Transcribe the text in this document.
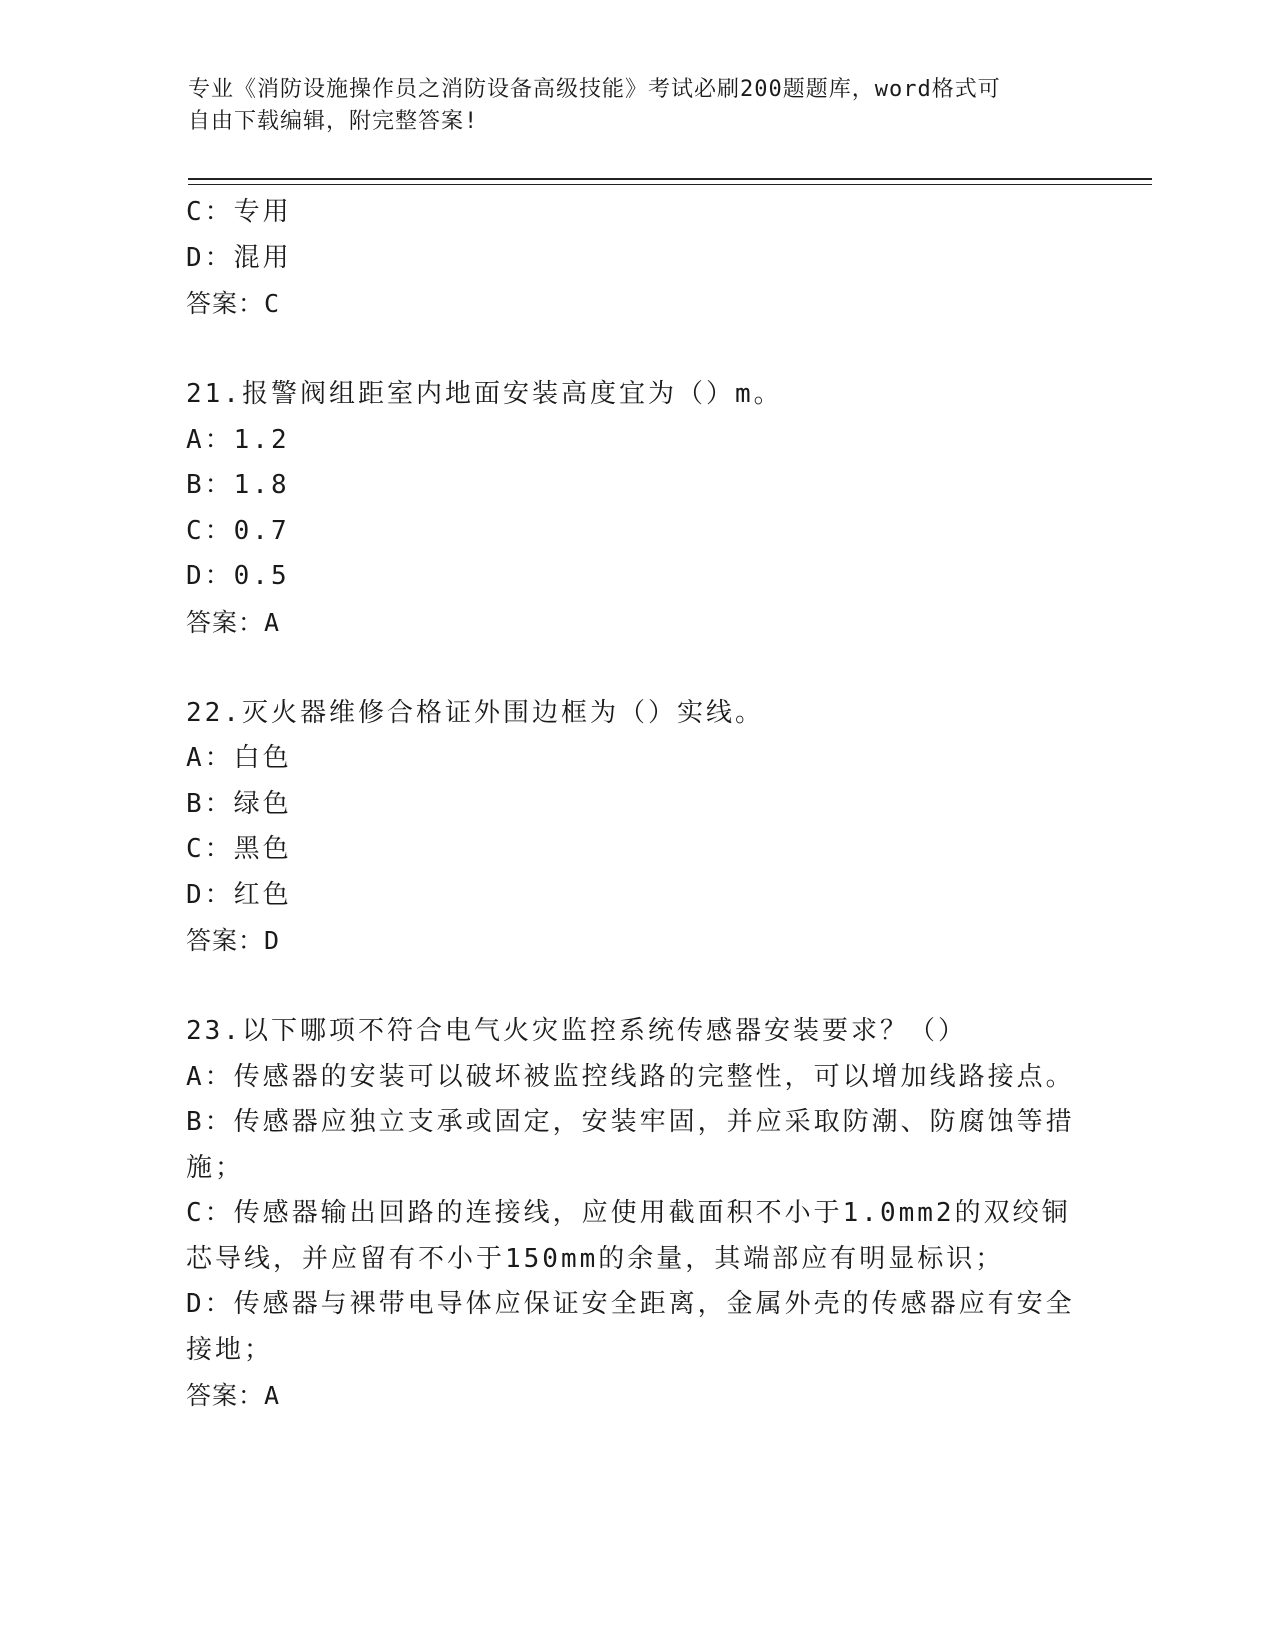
专业《消防设施操作员之消防设备高级技能》考试必刷200题题库，word格式可
自由下载编辑，附完整答案!
C：专用
D：混用
答案：C
21.报警阀组距室内地面安装高度宜为（）m。
A：1.2
B：1.8
C：0.7
D：0.5
答案：A
22.灭火器维修合格证外围边框为（）实线。
A：白色
B：绿色
C：黑色
D：红色
答案：D
23.以下哪项不符合电气火灾监控系统传感器安装要求？（）
A：传感器的安装可以破坏被监控线路的完整性，可以增加线路接点。
B：传感器应独立支承或固定，安装牢固，并应采取防潮、防腐蚀等措
施；
C：传感器输出回路的连接线，应使用截面积不小于1.0mm2的双绞铜
芯导线，并应留有不小于150mm的余量，其端部应有明显标识；
D：传感器与裸带电导体应保证安全距离，金属外壳的传感器应有安全
接地；
答案：A
